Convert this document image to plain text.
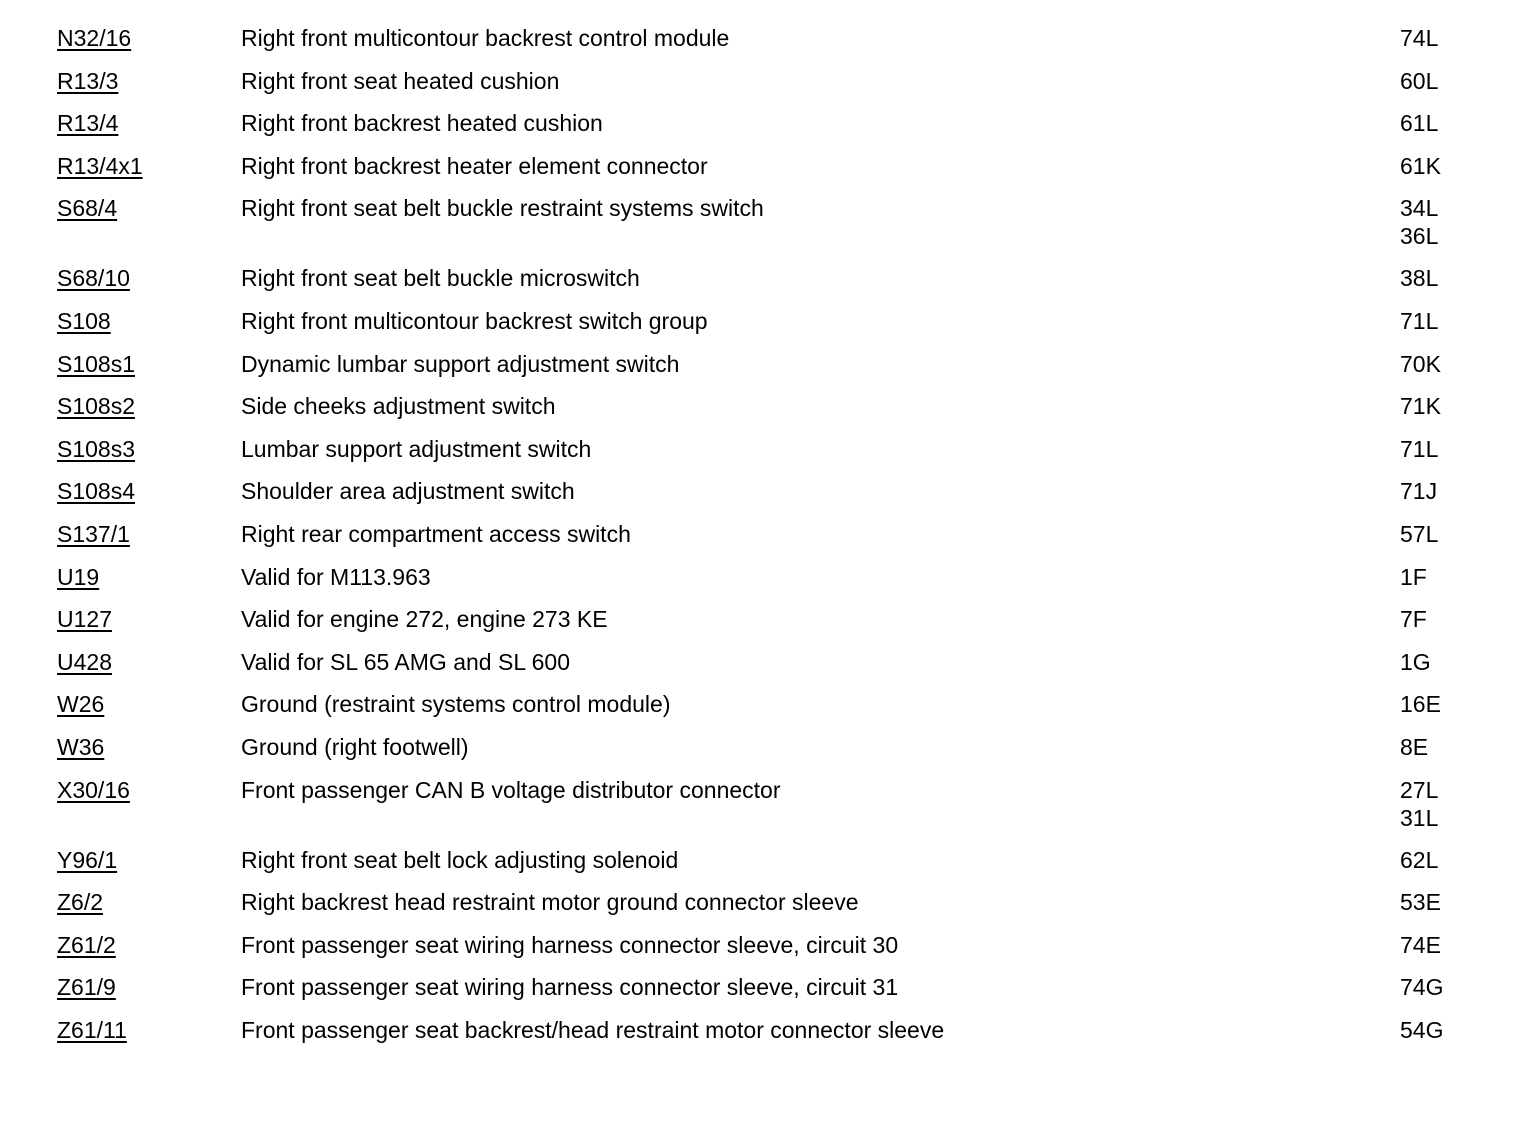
N32/16	Right front multicontour backrest control module	74L
R13/3	Right front seat heated cushion	60L
R13/4	Right front backrest heated cushion	61L
R13/4x1	Right front backrest heater element connector	61K
S68/4	Right front seat belt buckle restraint systems switch	34L
36L
S68/10	Right front seat belt buckle microswitch	38L
S108	Right front multicontour backrest switch group	71L
S108s1	Dynamic lumbar support adjustment switch	70K
S108s2	Side cheeks adjustment switch	71K
S108s3	Lumbar support adjustment switch	71L
S108s4	Shoulder area adjustment switch	71J
S137/1	Right rear compartment access switch	57L
U19	Valid for M113.963	1F
U127	Valid for engine 272, engine 273 KE	7F
U428	Valid for SL 65 AMG and SL 600	1G
W26	Ground (restraint systems control module)	16E
W36	Ground (right footwell)	8E
X30/16	Front passenger CAN B voltage distributor connector	27L
31L
Y96/1	Right front seat belt lock adjusting solenoid	62L
Z6/2	Right backrest head restraint motor ground connector sleeve	53E
Z61/2	Front passenger seat wiring harness connector sleeve, circuit 30	74E
Z61/9	Front passenger seat wiring harness connector sleeve, circuit 31	74G
Z61/11	Front passenger seat backrest/head restraint motor connector sleeve	54G
